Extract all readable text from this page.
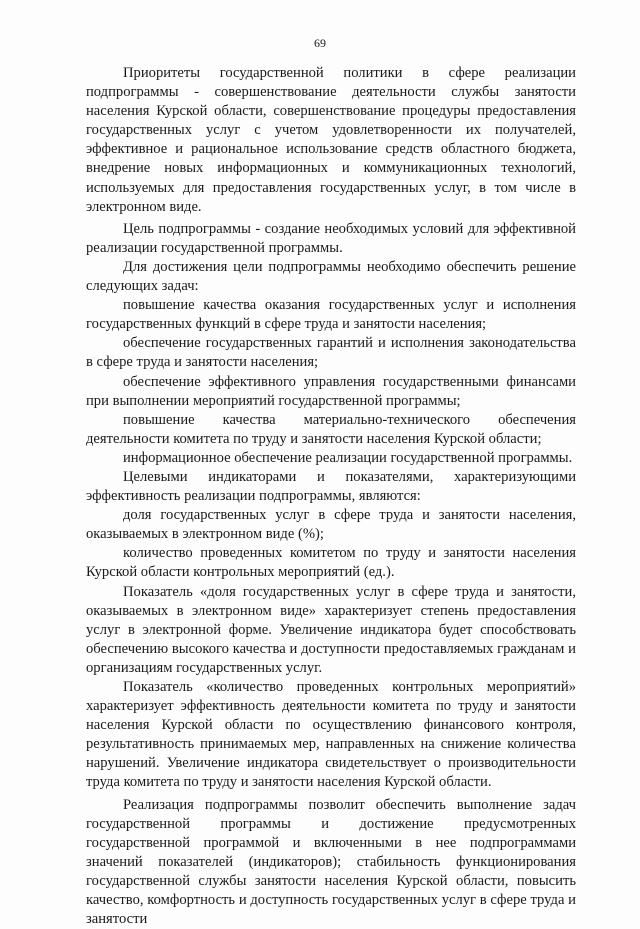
69

Приоритеты государственной политики в сфере реализации подпрограммы - совершенствование деятельности службы занятости населения Курской области, совершенствование процедуры предоставления государственных услуг с учетом удовлетворенности их получателей, эффективное и рациональное использование средств областного бюджета, внедрение новых информационных и коммуникационных технологий, используемых для предоставления государственных услуг, в том числе в электронном виде.

Цель подпрограммы - создание необходимых условий для эффективной реализации государственной программы.

Для достижения цели подпрограммы необходимо обеспечить решение следующих задач:

повышение качества оказания государственных услуг и исполнения государственных функций в сфере труда и занятости населения;

обеспечение государственных гарантий и исполнения законодательства в сфере труда и занятости населения;

обеспечение эффективного управления государственными финансами при выполнении мероприятий государственной программы;

повышение качества материально-технического обеспечения деятельности комитета по труду и занятости населения Курской области;

информационное обеспечение реализации государственной программы.

Целевыми индикаторами и показателями, характеризующими эффективность реализации подпрограммы, являются:

доля государственных услуг в сфере труда и занятости населения, оказываемых в электронном виде (%);

количество проведенных комитетом по труду и занятости населения Курской области контрольных мероприятий (ед.).

Показатель «доля государственных услуг в сфере труда и занятости, оказываемых в электронном виде» характеризует степень предоставления услуг в электронной форме. Увеличение индикатора будет способствовать обеспечению высокого качества и доступности предоставляемых гражданам и организациям государственных услуг.

Показатель «количество проведенных контрольных мероприятий» характеризует эффективность деятельности комитета по труду и занятости населения Курской области по осуществлению финансового контроля, результативность принимаемых мер, направленных на снижение количества нарушений. Увеличение индикатора свидетельствует о производительности труда комитета по труду и занятости населения Курской области.

Реализация подпрограммы позволит обеспечить выполнение задач государственной программы и достижение предусмотренных государственной программой и включенными в нее подпрограммами значений показателей (индикаторов); стабильность функционирования государственной службы занятости населения Курской области, повысить качество, комфортность и доступность государственных услуг в сфере труда и занятости
